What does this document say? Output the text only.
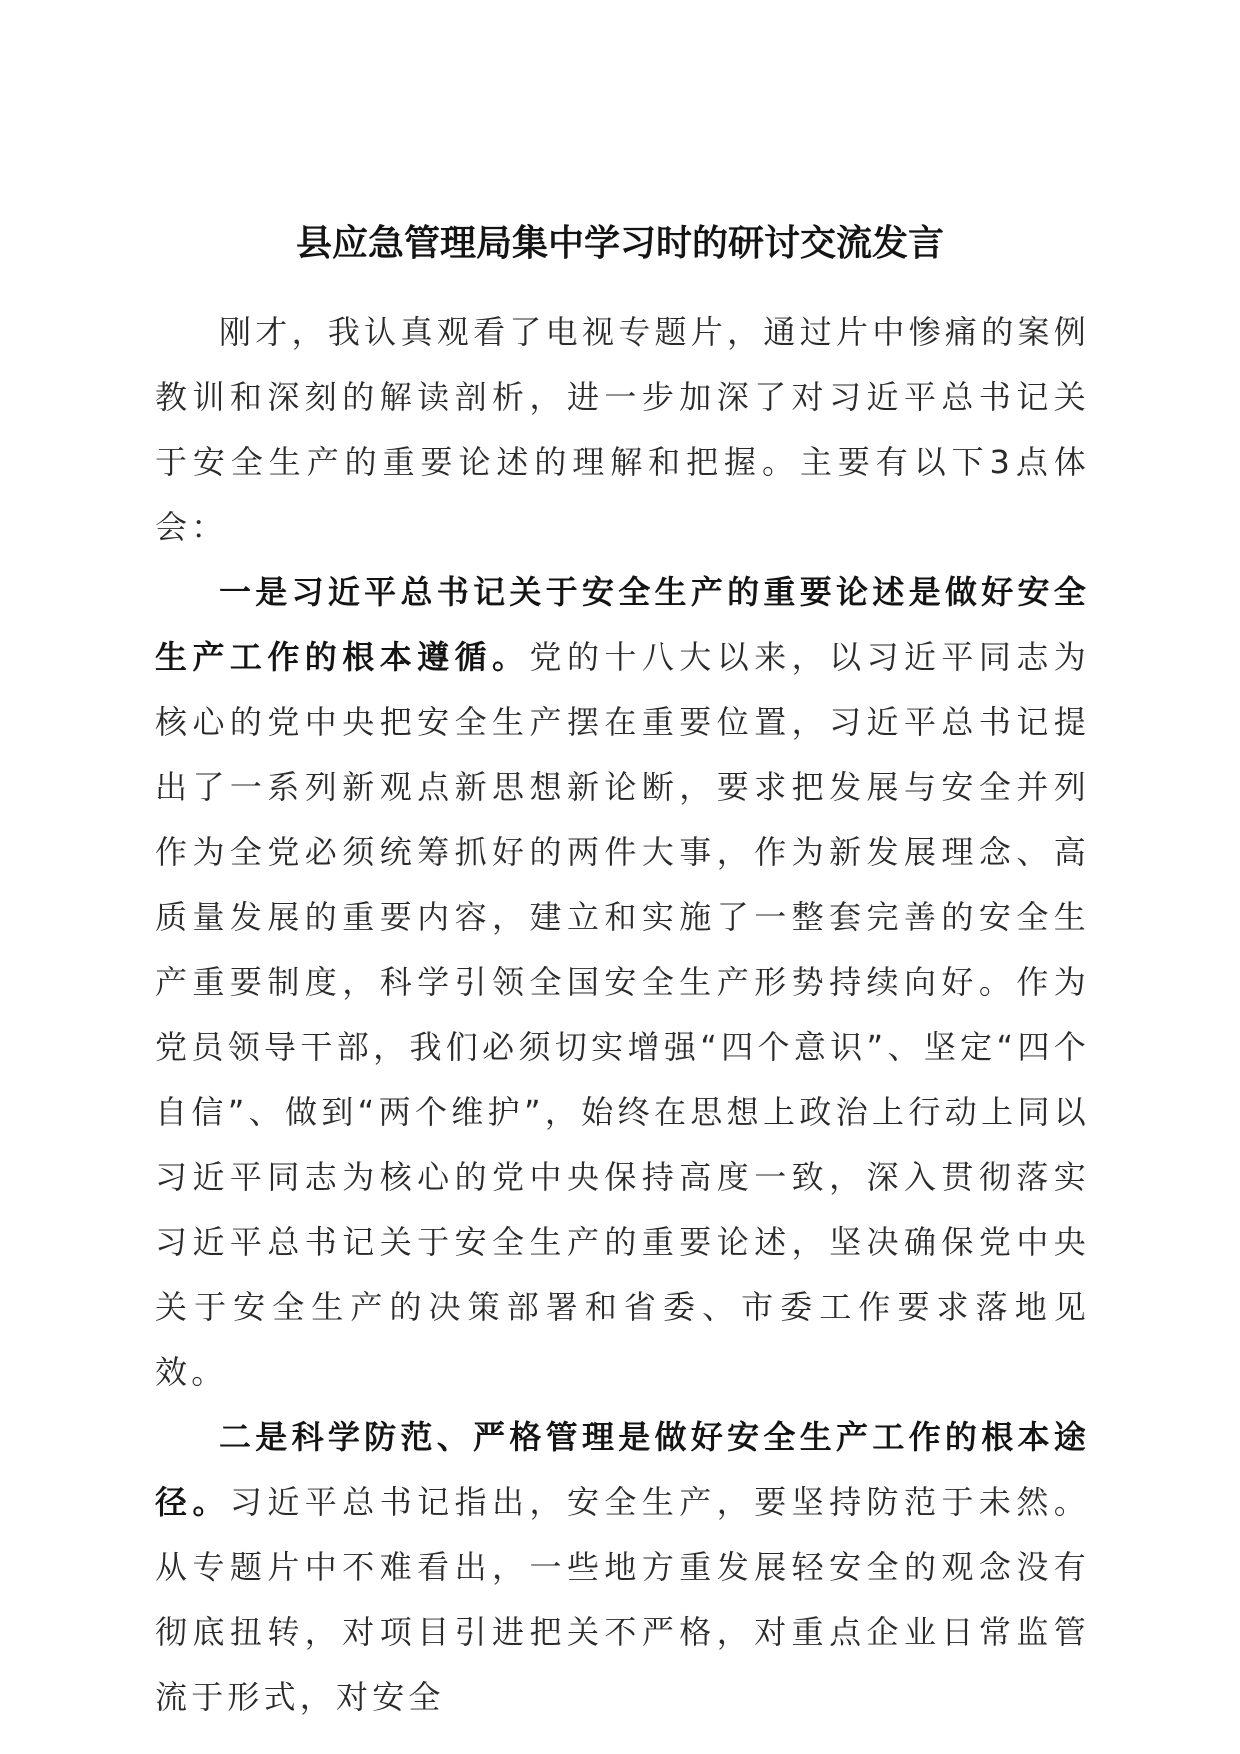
县应急管理局集中学习时的研讨交流发言

刚才，我认真观看了电视专题片，通过片中惨痛的案例教训和深刻的解读剖析，进一步加深了对习近平总书记关于安全生产的重要论述的理解和把握。主要有以下3点体会：

一是习近平总书记关于安全生产的重要论述是做好安全生产工作的根本遵循。党的十八大以来，以习近平同志为核心的党中央把安全生产摆在重要位置，习近平总书记提出了一系列新观点新思想新论断，要求把发展与安全并列作为全党必须统筹抓好的两件大事，作为新发展理念、高质量发展的重要内容，建立和实施了一整套完善的安全生产重要制度，科学引领全国安全生产形势持续向好。作为党员领导干部，我们必须切实增强“四个意识”、坚定“四个自信”、做到“两个维护”，始终在思想上政治上行动上同以习近平同志为核心的党中央保持高度一致，深入贯彻落实习近平总书记关于安全生产的重要论述，坚决确保党中央关于安全生产的决策部署和省委、市委工作要求落地见效。

二是科学防范、严格管理是做好安全生产工作的根本途径。习近平总书记指出，安全生产，要坚持防范于未然。从专题片中不难看出，一些地方重发展轻安全的观念没有彻底扭转，对项目引进把关不严格，对重点企业日常监管流于形式，对安全
